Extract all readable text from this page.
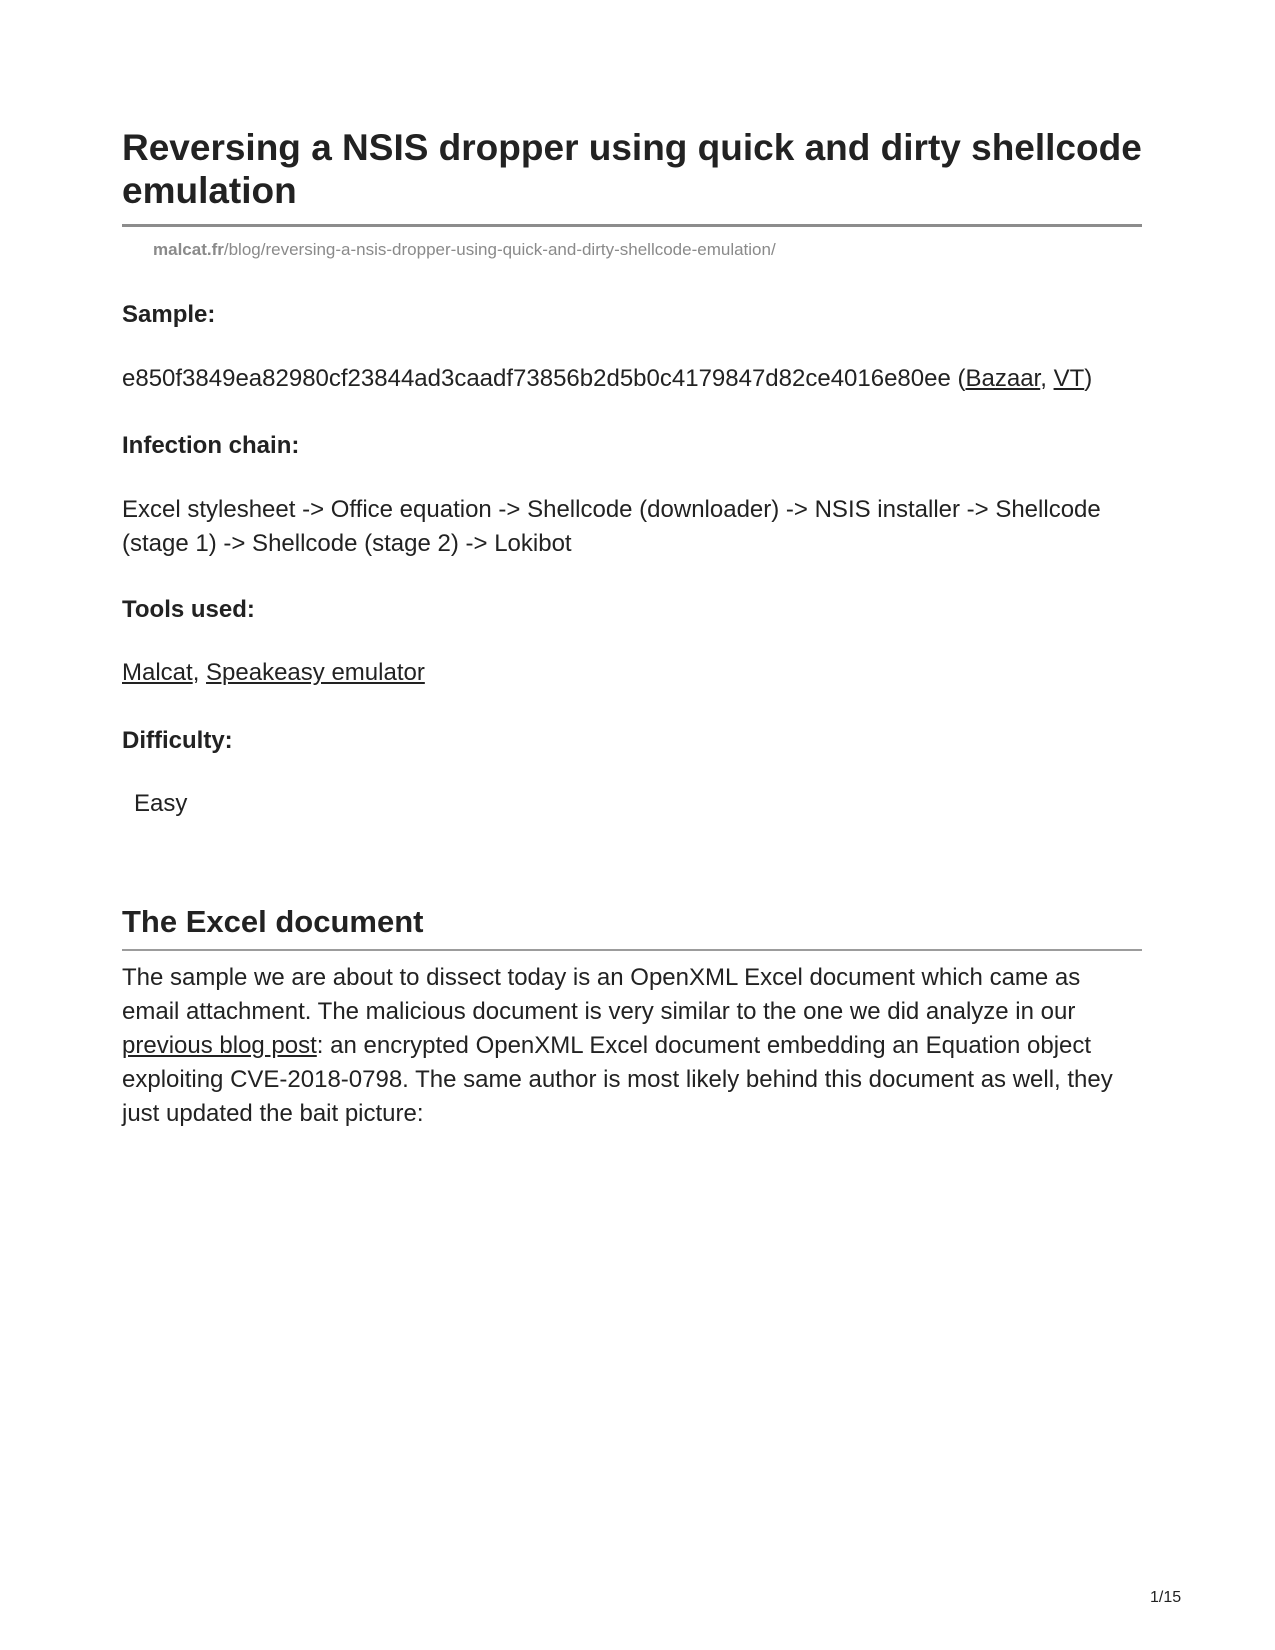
Reversing a NSIS dropper using quick and dirty shellcode emulation
malcat.fr/blog/reversing-a-nsis-dropper-using-quick-and-dirty-shellcode-emulation/

Sample:

e850f3849ea82980cf23844ad3caadf73856b2d5b0c4179847d82ce4016e80ee (Bazaar, VT)

Infection chain:

Excel stylesheet -> Office equation -> Shellcode (downloader) -> NSIS installer -> Shellcode (stage 1) -> Shellcode (stage 2) -> Lokibot

Tools used:

Malcat, Speakeasy emulator

Difficulty:

Easy

The Excel document

The sample we are about to dissect today is an OpenXML Excel document which came as email attachment. The malicious document is very similar to the one we did analyze in our previous blog post: an encrypted OpenXML Excel document embedding an Equation object exploiting CVE-2018-0798. The same author is most likely behind this document as well, they just updated the bait picture:

1/15
